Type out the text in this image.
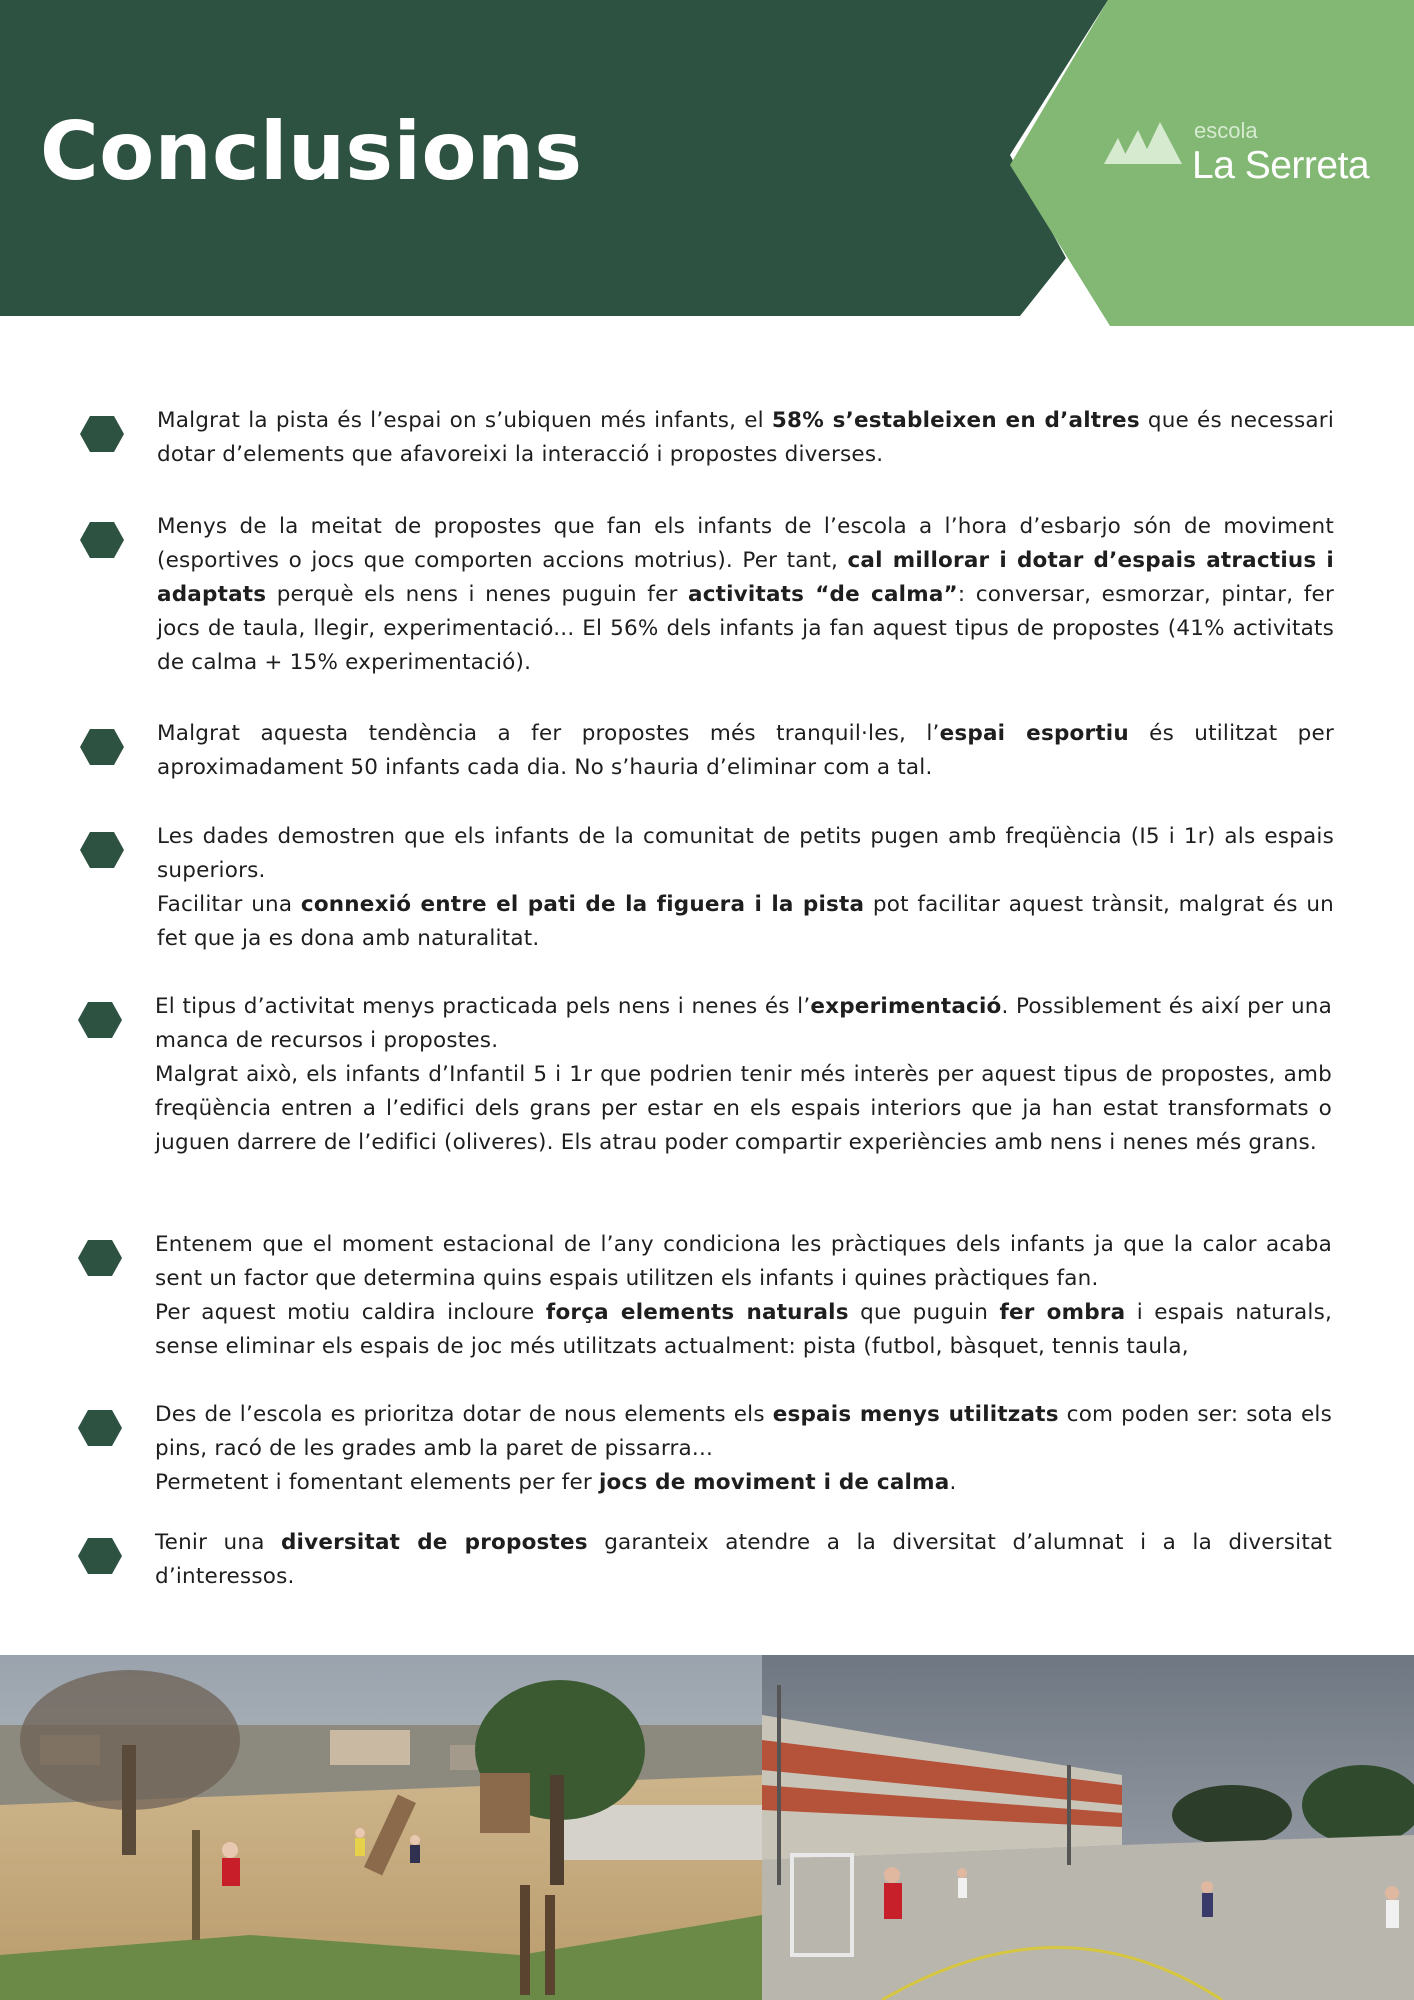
Conclusions	escola
La Serreta

Malgrat la pista és l’espai on s’ubiquen més infants, el 58% s’estableixen en d’altres que és necessari dotar d’elements que afavoreixi la interacció i propostes diverses.

Menys de la meitat de propostes que fan els infants de l’escola a l’hora d’esbarjo són de moviment (esportives o jocs que comporten accions motrius). Per tant, cal millorar i dotar d’espais atractius i adaptats perquè els nens i nenes puguin fer activitats “de calma”: conversar, esmorzar, pintar, fer jocs de taula, llegir, experimentació... El 56% dels infants ja fan aquest tipus de propostes (41% activitats de calma + 15% experimentació).

Malgrat aquesta tendència a fer propostes més tranquil·les, l’espai esportiu és utilitzat per aproximadament 50 infants cada dia. No s’hauria d’eliminar com a tal.

Les dades demostren que els infants de la comunitat de petits pugen amb freqüència (I5 i 1r) als espais superiors.

Facilitar una connexió entre el pati de la figuera i la pista pot facilitar aquest trànsit, malgrat és un fet que ja es dona amb naturalitat.

El tipus d’activitat menys practicada pels nens i nenes és l’experimentació. Possiblement és així per una manca de recursos i propostes.

Malgrat això, els infants d’Infantil 5 i 1r que podrien tenir més interès per aquest tipus de propostes, amb freqüència entren a l’edifici dels grans per estar en els espais interiors que ja han estat transformats o juguen darrere de l’edifici (oliveres). Els atrau poder compartir experiències amb nens i nenes més grans.

Entenem que el moment estacional de l’any condiciona les pràctiques dels infants ja que la calor acaba sent un factor que determina quins espais utilitzen els infants i quines pràctiques fan.

Per aquest motiu caldira incloure força elements naturals que puguin fer ombra i espais naturals, sense eliminar els espais de joc més utilitzats actualment: pista (futbol, bàsquet, tennis taula,

Des de l’escola es prioritza dotar de nous elements els espais menys utilitzats com poden ser: sota els pins, racó de les grades amb la paret de pissarra...

Permetent i fomentant elements per fer jocs de moviment i de calma.

Tenir una diversitat de propostes garanteix atendre a la diversitat d’alumnat i a la diversitat d’interessos.
